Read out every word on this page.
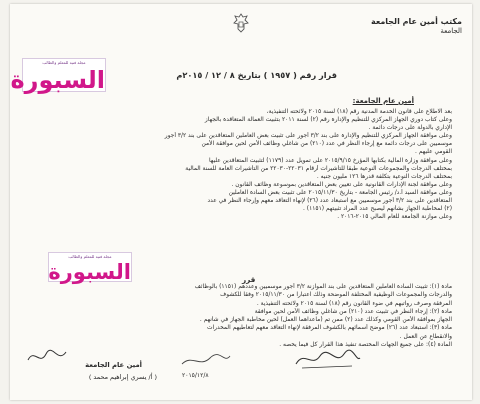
مكتب أمين عام الجامعة
الجامعة
مجلة فنية للمعلم والطالب
السبورة	قرار رقم ( ١٩٥٧ ) بتاريخ ٨ / ١٢ / ٢٠١٥م
أمين عام الجامعة:
بعد الاطلاع على قانون الخدمة المدنية رقم (١٨) لسنة ٢٠١٥ ولائحته التنفيذية،
وعلى كتاب دوري الجهاز المركزي للتنظيم والإدارة رقم (٢) لسنة ٢٠١١ بتثبيت العمالة المتعاقدة بالجهاز
الإداري بالدولة على درجات دائمة .
وعلى موافقة الجهاز المركزي للتنظيم والإدارة على بند ٣/٢ أجور على تثبيت بعض العاملين المتعاقدين على بند ٣/٢ أجور
موسميين على درجات دائمة مع إرجاء النظر في عدد (٢١٠) من شاغلي وظائف الأمن لحين موافقة الأمن
القومي عليهم .
وعلى موافقة وزارة المالية بكتابها المؤرخ ٢٠١٥/٩/١٥ على تمويل عدد (١١٧٩) لتثبيت المتعاقدين عليها
بمختلف الدرجات والمجموعات النوعية طبقاً للتأشيرات أرقام ٢٢٠٣١-٢٢٠٣٠ من التأشيرات العامة للسنة المالية
بمختلف الدرجات النوعية بتكلفة قدرها ١٢٦ مليون جنيه .
وعلى موافقة لجنة الإدارات القانونية على تعيين بعض المتعاقدين بموسوعة وظائف القانون .
وعلى موافقة السيد أ.د/ رئيس الجامعة - بتاريخ ٢٠١٥/١١/٣٠ على تثبيت بعض السادة العاملين
المتعاقدين على بند ٣/٢ أجور موسميين مع استبعاد عدد (٢٦) لإنهاء التعاقد معهم وإرجاء النظر في عدد
(٢) لمخاطبة الجهاز بشأنهم ليصبح عدد المراد تثبيتهم (١١٥١) .
وعلى موازنة الجامعة للعام المالي ٢٠١٥-٢٠١٦ .
مجلة فنية للمعلم والطالب
السبورة	قرر
مادة (١): تثبيت السادة العاملين المتعاقدين على بند الموازنة ٣/٢ أجور موسميين وعددهم (١١٥١) بالوظائف
والدرجات والمجموعات الوظيفية المختلفة الموضحة وذلك اعتباراً من ٢٠١٥/١١/٣٠ وفقاً للكشوف
المرفقة وصرف رواتبهم في ضوء القانون رقم (١٨) لسنة ٢٠١٥ ولائحته التنفيذية .
مادة (٢): إرجاء النظر في تثبيت عدد (٢١٠) من شاغلي وظائف الأمن لحين موافقة
الجهاز بموافقة الأمن القومي وكذلك عدد (٢) ممن تم (ماعداهما العمل) لحين مخاطبة الجهاز في شأنهم .
مادة (٣): استبعاد عدد (٢٦) موضح أسمائهم بالكشوف المرفقة لإنهاء التعاقد معهم لتعاطيهم المخدرات
والانقطاع عن العمل .
المادة (٤): على جميع الجهات المختصة تنفيذ هذا القرار كل فيما يخصه .
أمين عام الجامعة
( أ/ يسري إبراهيم محمد )	٢٠١٥/١٢/٨
